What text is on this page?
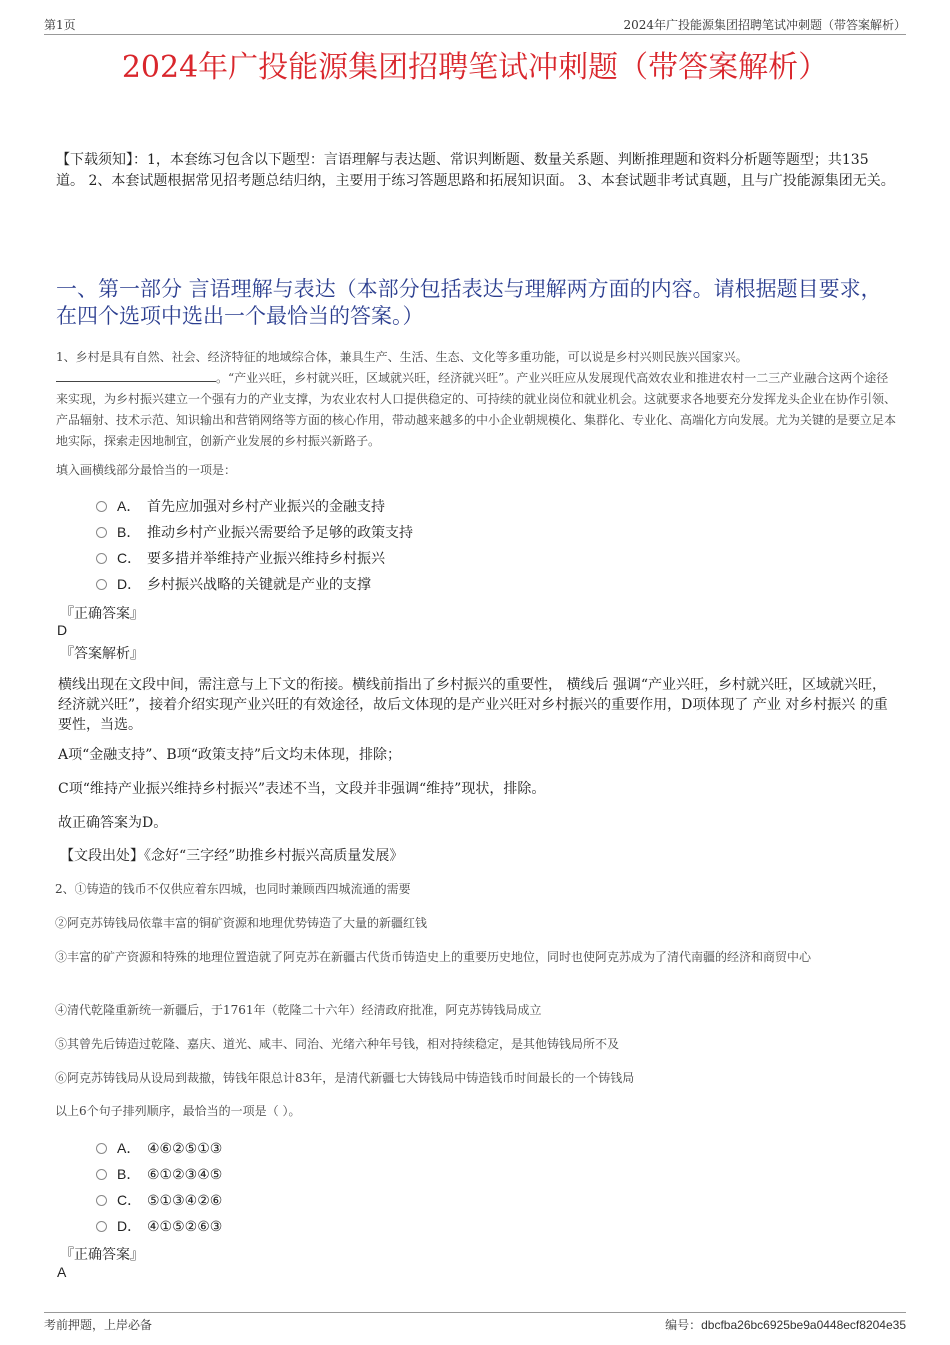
第1页	2024年广投能源集团招聘笔试冲刺题（带答案解析）
2024年广投能源集团招聘笔试冲刺题（带答案解析）
【下载须知】：1，本套练习包含以下题型：言语理解与表达题、常识判断题、数量关系题、判断推理题和资料分析题等题型；共135道。 2、本套试题根据常见招考题总结归纳，主要用于练习答题思路和拓展知识面。 3、本套试题非考试真题，且与广投能源集团无关。
一、第一部分 言语理解与表达（本部分包括表达与理解两方面的内容。请根据题目要求，在四个选项中选出一个最恰当的答案。）
1、乡村是具有自然、社会、经济特征的地域综合体，兼具生产、生活、生态、文化等多重功能，可以说是乡村兴则民族兴国家兴。
。“产业兴旺，乡村就兴旺，区域就兴旺，经济就兴旺”。产业兴旺应从发展现代高效农业和推进农村一二三产业融合这两个途径来实现，为乡村振兴建立一个强有力的产业支撑，为农业农村人口提供稳定的、可持续的就业岗位和就业机会。这就要求各地要充分发挥龙头企业在协作引领、产品辐射、技术示范、知识输出和营销网络等方面的核心作用，带动越来越多的中小企业朝规模化、集群化、专业化、高端化方向发展。尤为关键的是要立足本地实际，探索走因地制宜，创新产业发展的乡村振兴新路子。
填入画横线部分最恰当的一项是：
A． 首先应加强对乡村产业振兴的金融支持
B． 推动乡村产业振兴需要给予足够的政策支持
C． 要多措并举维持产业振兴维持乡村振兴
D． 乡村振兴战略的关键就是产业的支撑
『正确答案』
D
『答案解析』
横线出现在文段中间，需注意与上下文的衔接。横线前指出了乡村振兴的重要性， 横线后 强调“产业兴旺，乡村就兴旺，区域就兴旺，经济就兴旺”，接着介绍实现产业兴旺的有效途径，故后文体现的是产业兴旺对乡村振兴的重要作用，D项体现了 产业 对乡村振兴 的重要性，当选。
A项“金融支持”、B项“政策支持”后文均未体现，排除；
C项“维持产业振兴维持乡村振兴”表述不当，文段并非强调“维持”现状，排除。
故正确答案为D。
【文段出处】《念好“三字经”助推乡村振兴高质量发展》
2、①铸造的钱币不仅供应着东四城，也同时兼顾西四城流通的需要
②阿克苏铸钱局依靠丰富的铜矿资源和地理优势铸造了大量的新疆红钱
③丰富的矿产资源和特殊的地理位置造就了阿克苏在新疆古代货币铸造史上的重要历史地位，同时也使阿克苏成为了清代南疆的经济和商贸中心
④清代乾隆重新统一新疆后，于1761年（乾隆二十六年）经清政府批准，阿克苏铸钱局成立
⑤其曾先后铸造过乾隆、嘉庆、道光、咸丰、同治、光绪六种年号钱，相对持续稳定，是其他铸钱局所不及
⑥阿克苏铸钱局从设局到裁撤，铸钱年限总计83年，是清代新疆七大铸钱局中铸造钱币时间最长的一个铸钱局
以上6个句子排列顺序，最恰当的一项是（ ）。
A． ④⑥②⑤①③
B． ⑥①②③④⑤
C． ⑤①③④②⑥
D． ④①⑤②⑥③
『正确答案』
A
考前押题，上岸必备	编号：dbcfba26bc6925be9a0448ecf8204e35
